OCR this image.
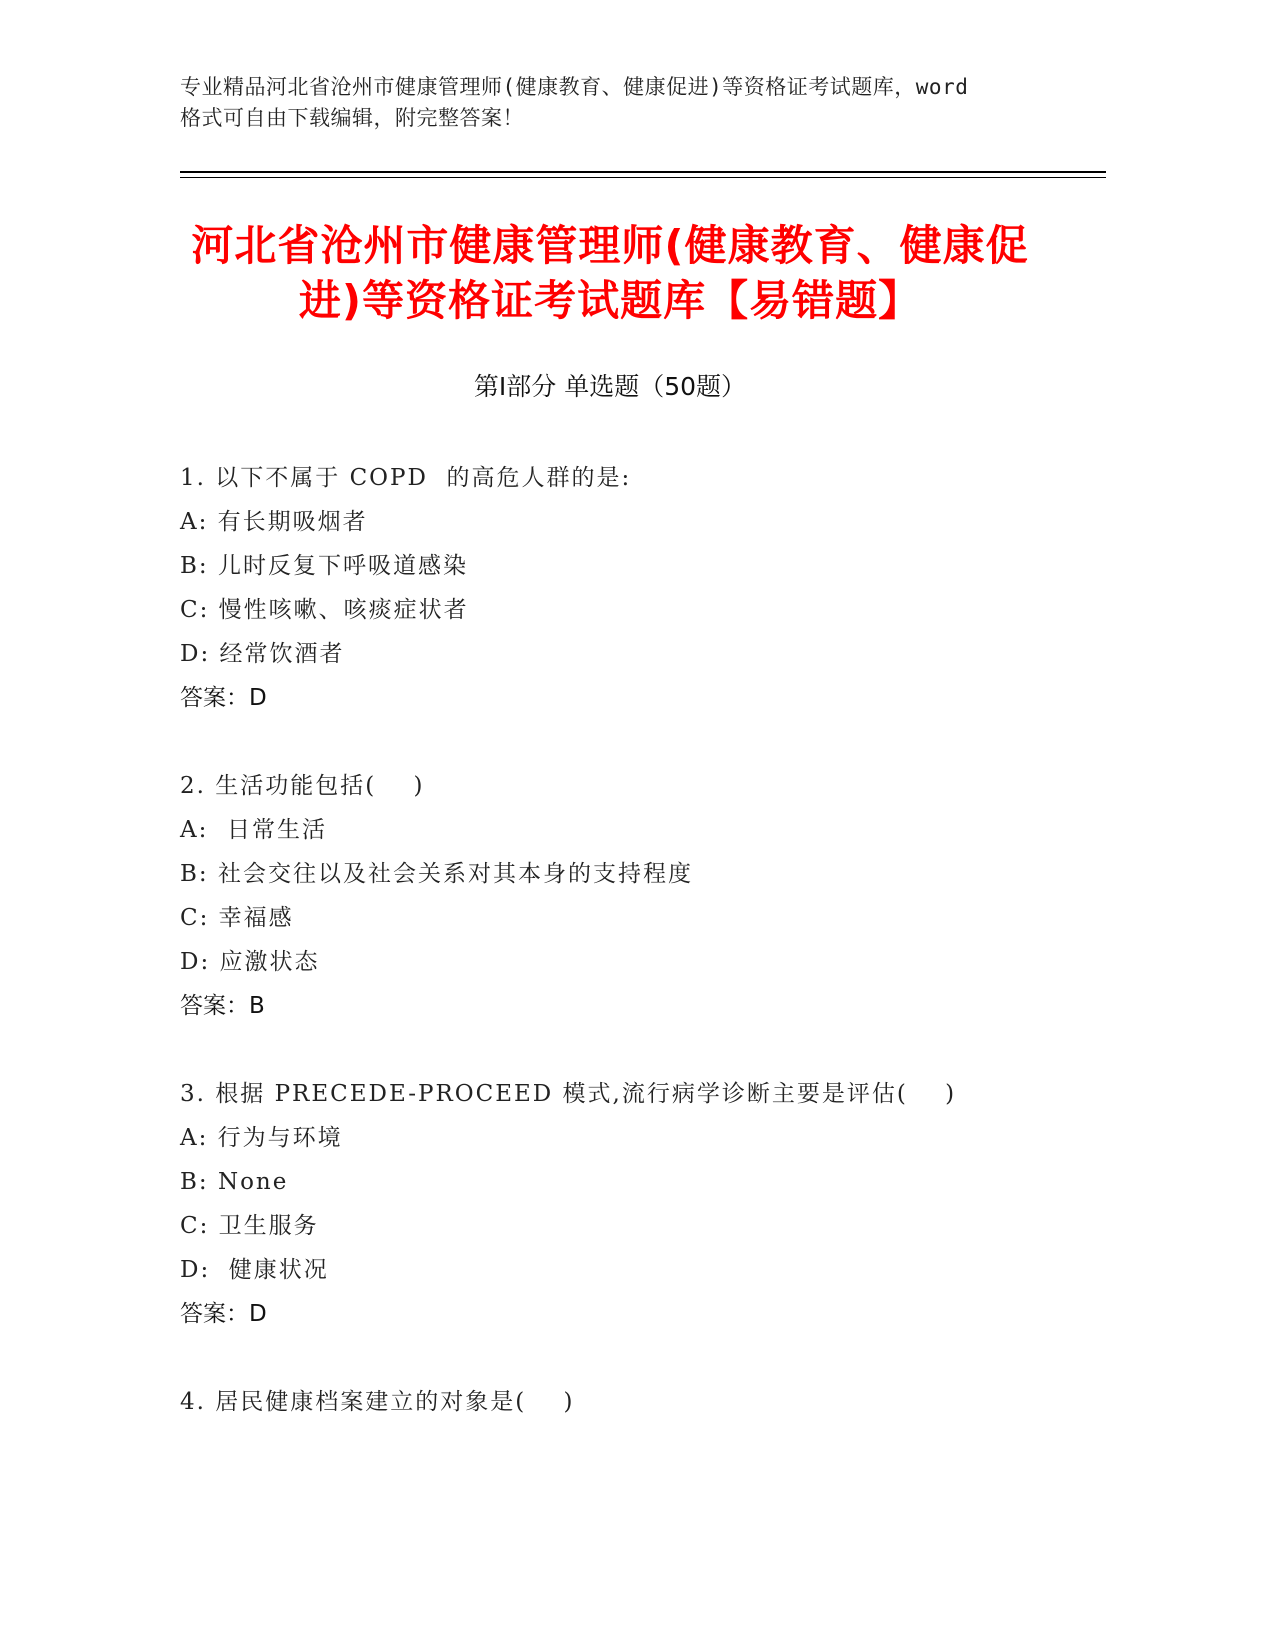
专业精品河北省沧州市健康管理师(健康教育、健康促进)等资格证考试题库，word
格式可自由下载编辑，附完整答案！
河北省沧州市健康管理师(健康教育、健康促
进)等资格证考试题库【易错题】
第Ⅰ部分 单选题（50题）
1. 以下不属于 COPD  的高危人群的是:
A: 有长期吸烟者
B: 儿时反复下呼吸道感染
C: 慢性咳嗽、咳痰症状者
D: 经常饮酒者
答案：D
2. 生活功能包括(    )
A:  日常生活
B: 社会交往以及社会关系对其本身的支持程度
C: 幸福感
D: 应激状态
答案：B
3. 根据 PRECEDE-PROCEED 模式,流行病学诊断主要是评估(    )
A: 行为与环境
B: None
C: 卫生服务
D:  健康状况
答案：D
4. 居民健康档案建立的对象是(    )
